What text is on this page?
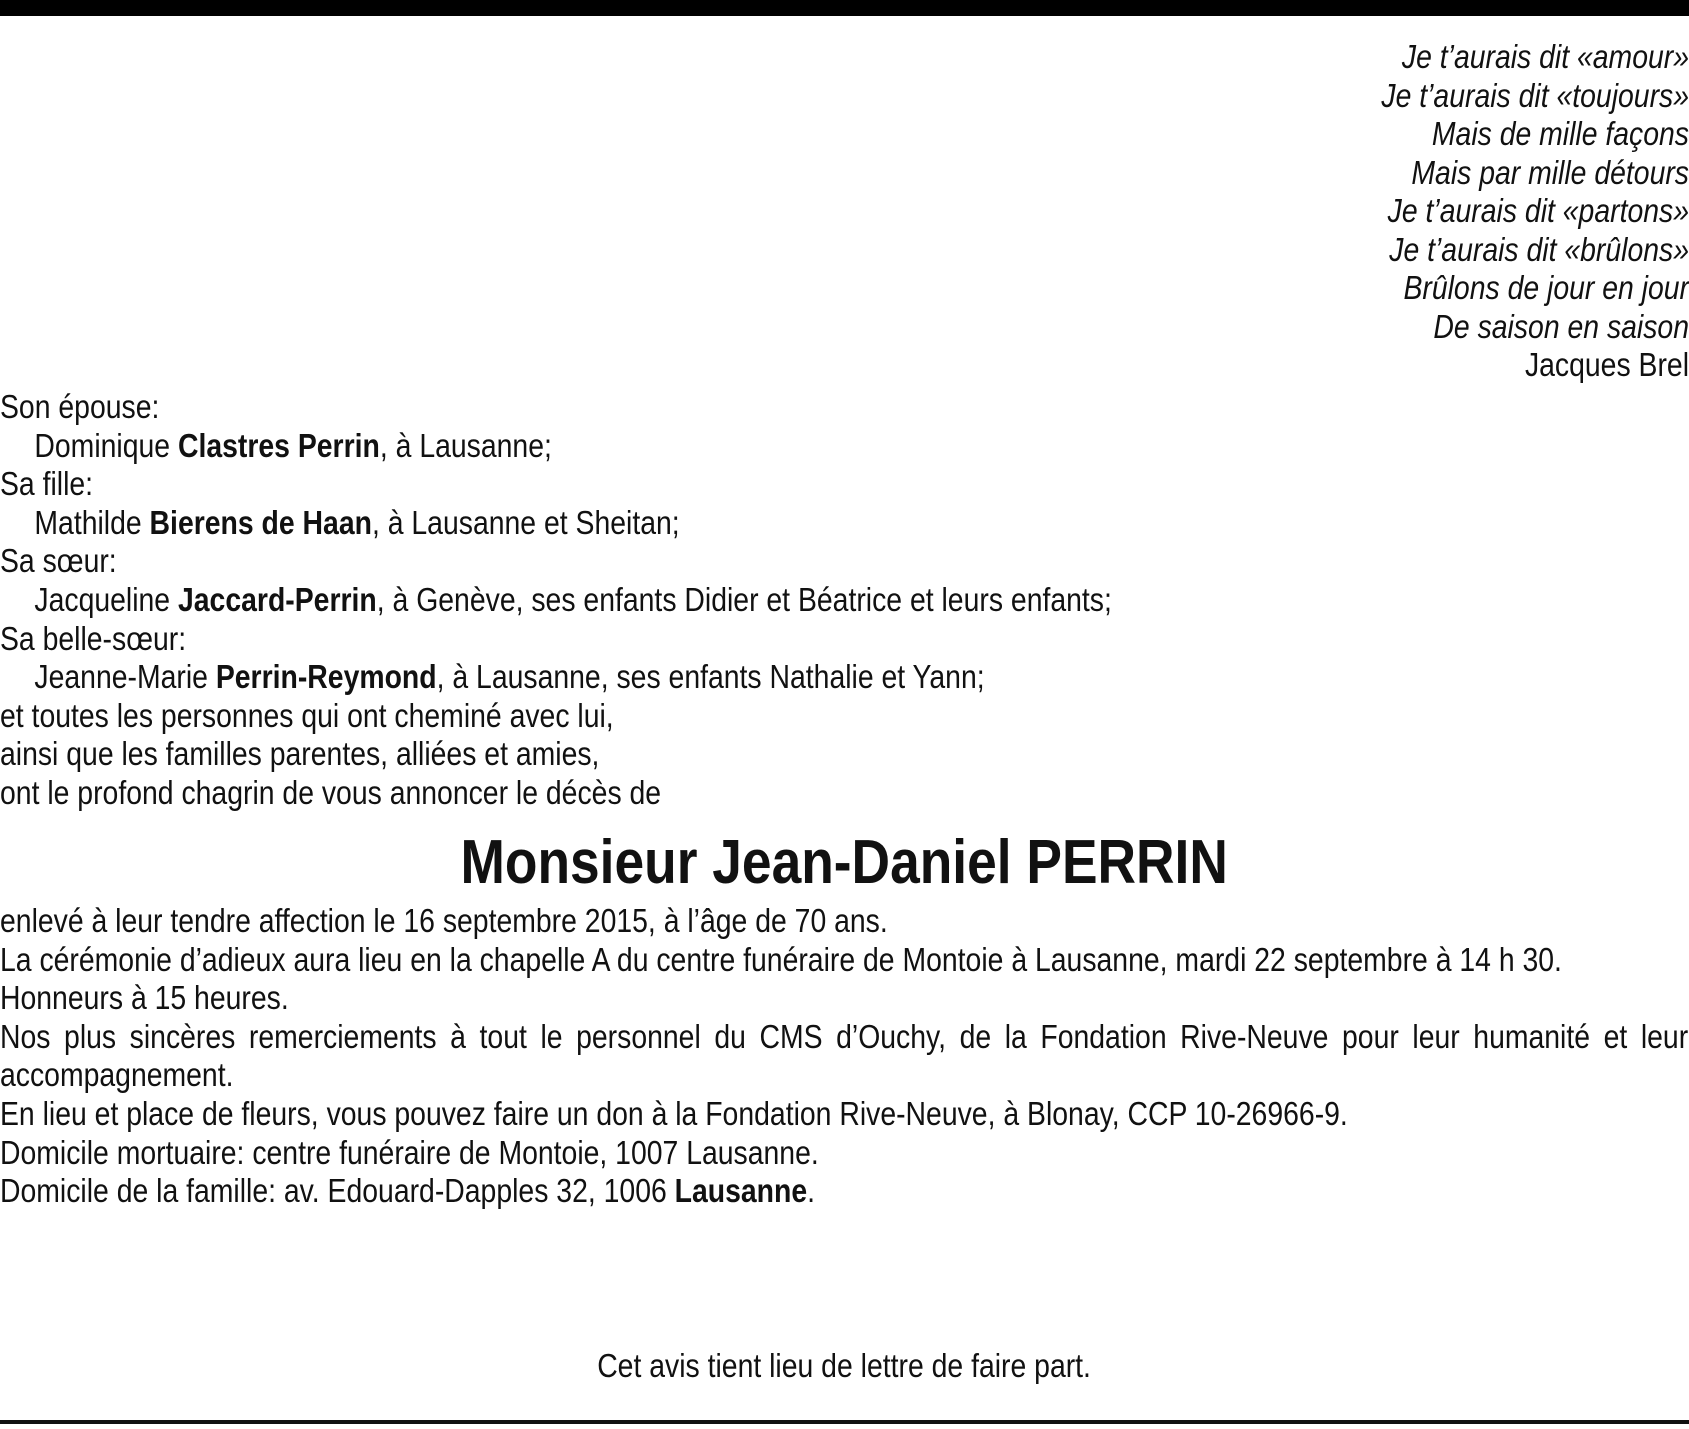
Je t’aurais dit «amour»
Je t’aurais dit «toujours»
Mais de mille façons
Mais par mille détours
Je t’aurais dit «partons»
Je t’aurais dit «brûlons»
Brûlons de jour en jour
De saison en saison
Jacques Brel
Son épouse:
Dominique Clastres Perrin, à Lausanne;
Sa fille:
Mathilde Bierens de Haan, à Lausanne et Sheitan;
Sa sœur:
Jacqueline Jaccard-Perrin, à Genève, ses enfants Didier et Béatrice et leurs enfants;
Sa belle-sœur:
Jeanne-Marie Perrin-Reymond, à Lausanne, ses enfants Nathalie et Yann;
et toutes les personnes qui ont cheminé avec lui,
ainsi que les familles parentes, alliées et amies,
ont le profond chagrin de vous annoncer le décès de
Monsieur Jean-Daniel PERRIN

enlevé à leur tendre affection le 16 septembre 2015, à l’âge de 70 ans.

La cérémonie d’adieux aura lieu en la chapelle A du centre funéraire de Montoie à Lausanne, mardi 22 septembre à 14 h 30.

Honneurs à 15 heures.

Nos plus sincères remerciements à tout le personnel du CMS d’Ouchy, de la Fondation Rive-Neuve pour leur humanité et leur accompagnement.

En lieu et place de fleurs, vous pouvez faire un don à la Fondation Rive-Neuve, à Blonay, CCP 10-26966-9.

Domicile mortuaire: centre funéraire de Montoie, 1007 Lausanne.

Domicile de la famille: av. Edouard-Dapples 32, 1006 Lausanne.

Cet avis tient lieu de lettre de faire part.
